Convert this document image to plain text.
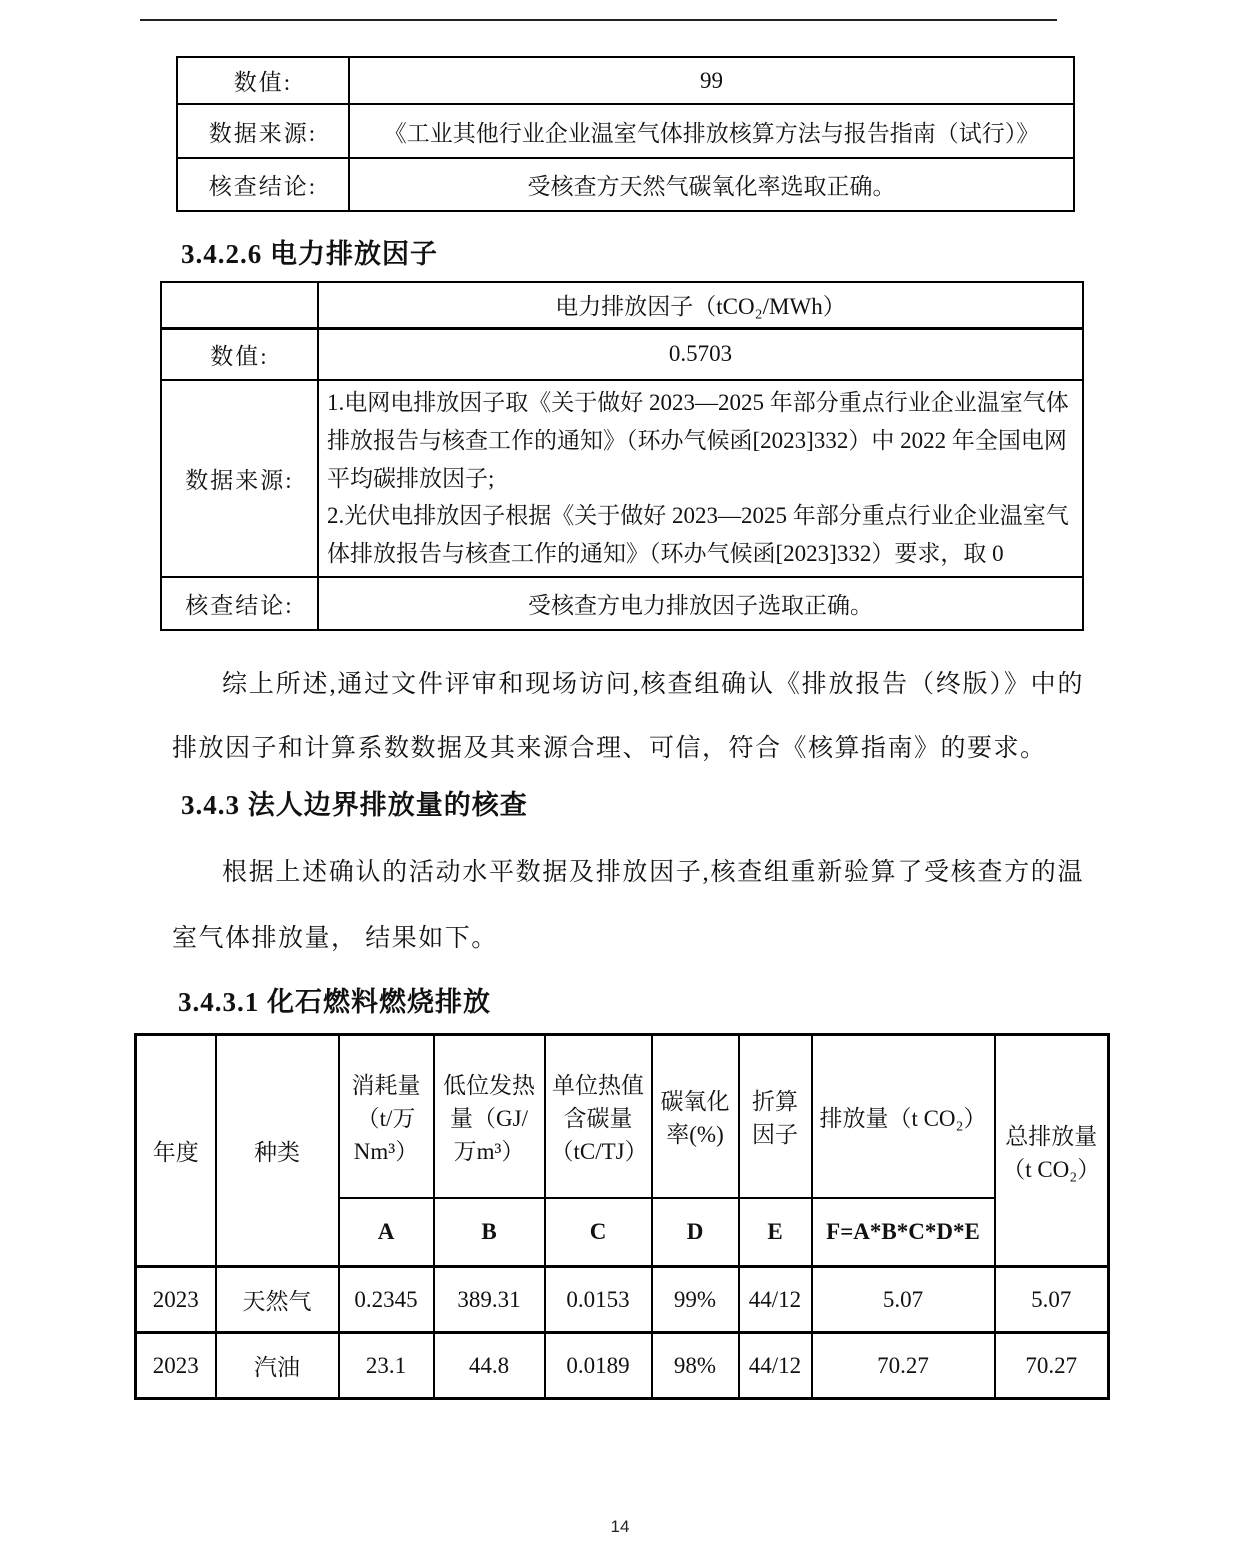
数值:	99
数据来源:	《工业其他行业企业温室气体排放核算方法与报告指南（试行）》
核查结论:	受核查方天然气碳氧化率选取正确。
3.4.2.6 电力排放因子
	电力排放因子（tCO₂/MWh）
数值:	0.5703
数据来源:	1.电网电排放因子取《关于做好 2023—2025 年部分重点行业企业温室气体排放报告与核查工作的通知》（环办气候函[2023]332）中 2022 年全国电网平均碳排放因子;

2.光伏电排放因子根据《关于做好 2023—2025 年部分重点行业企业温室气体排放报告与核查工作的通知》（环办气候函[2023]332）要求，取 0

核查结论:	受核查方电力排放因子选取正确。

综上所述,通过文件评审和现场访问,核查组确认《排放报告（终版）》中的排放因子和计算系数数据及其来源合理、可信，符合《核算指南》的要求。

3.4.3 法人边界排放量的核查

根据上述确认的活动水平数据及排放因子,核查组重新验算了受核查方的温室气体排放量， 结果如下。

3.4.3.1 化石燃料燃烧排放
年度	种类	消耗量（t/万Nm³）	低位发热量（GJ/万m³）	单位热值含碳量（tC/TJ）	碳氧化率(%)	折算因子	排放量（t CO₂）	总排放量（t CO₂）
		A	B	C	D	E	F=A*B*C*D*E	
2023	天然气	0.2345	389.31	0.0153	99%	44/12	5.07	5.07
2023	汽油	23.1	44.8	0.0189	98%	44/12	70.27	70.27
14
